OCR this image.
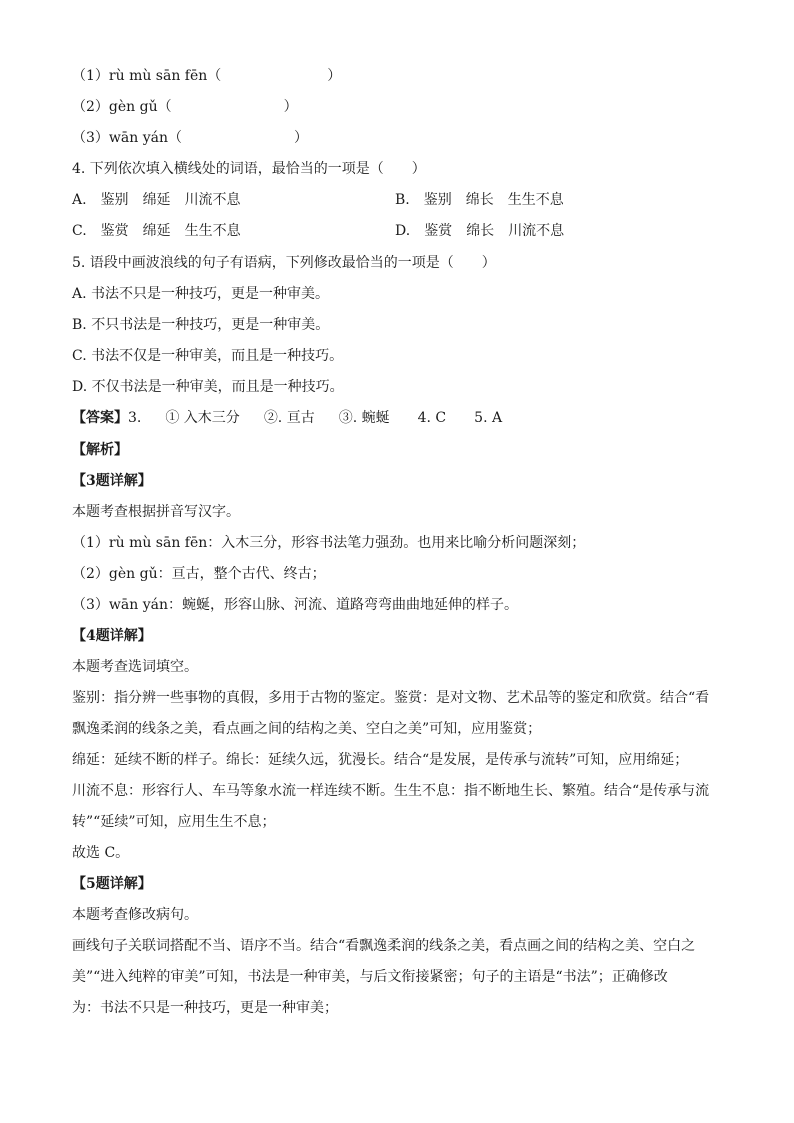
（1）rù mù sān fēn（	）
（2）gèn gǔ（	）
（3）wān yán（	）
4. 下列依次填入横线处的词语，最恰当的一项是（　　）
A. 鉴别 绵延 川流不息	B. 鉴别 绵长 生生不息
C. 鉴赏 绵延 生生不息	D. 鉴赏 绵长 川流不息
5. 语段中画波浪线的句子有语病，下列修改最恰当的一项是（　　）
A. 书法不只是一种技巧，更是一种审美。
B. 不只书法是一种技巧，更是一种审美。
C. 书法不仅是一种审美，而且是一种技巧。
D. 不仅书法是一种审美，而且是一种技巧。
【答案】3. ① 入木三分 ②. 亘古 ③. 蜿蜒 4. C 5. A
【解析】
【3题详解】
本题考查根据拼音写汉字。
（1）rù mù sān fēn：入木三分，形容书法笔力强劲。也用来比喻分析问题深刻；
（2）gèn gǔ：亘古，整个古代、终古；
（3）wān yán：蜿蜒，形容山脉、河流、道路弯弯曲曲地延伸的样子。
【4题详解】
本题考查选词填空。
鉴别：指分辨一些事物的真假，多用于古物的鉴定。鉴赏：是对文物、艺术品等的鉴定和欣赏。结合“看
飘逸柔润的线条之美，看点画之间的结构之美、空白之美”可知，应用鉴赏；
绵延：延续不断的样子。绵长：延续久远，犹漫长。结合“是发展，是传承与流转”可知，应用绵延；
川流不息：形容行人、车马等象水流一样连续不断。生生不息：指不断地生长、繁殖。结合“是传承与流
转”“延续”可知，应用生生不息；
故选 C。
【5题详解】
本题考查修改病句。
画线句子关联词搭配不当、语序不当。结合“看飘逸柔润的线条之美，看点画之间的结构之美、空白之
美”“进入纯粹的审美”可知，书法是一种审美，与后文衔接紧密；句子的主语是“书法”；正确修改
为：书法不只是一种技巧，更是一种审美；
